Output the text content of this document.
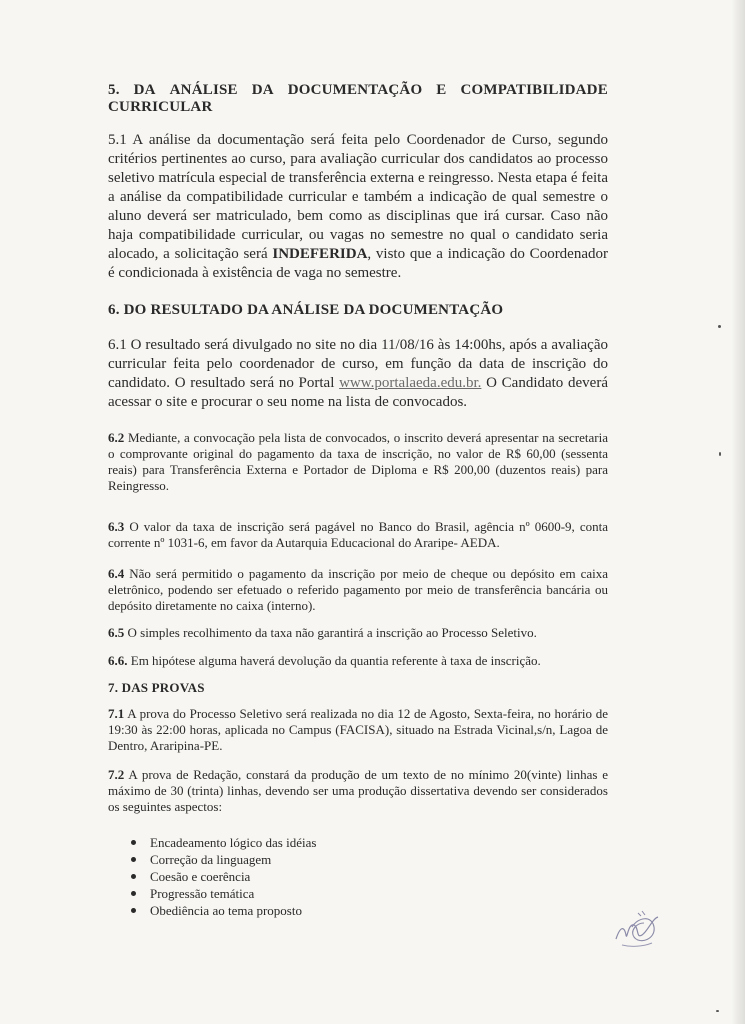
5. DA ANÁLISE DA DOCUMENTAÇÃO E COMPATIBILIDADE
CURRICULAR

5.1 A análise da documentação será feita pelo Coordenador de Curso, segundo critérios pertinentes ao curso, para avaliação curricular dos candidatos ao processo seletivo matrícula especial de transferência externa e reingresso. Nesta etapa é feita a análise da compatibilidade curricular e também a indicação de qual semestre o aluno deverá ser matriculado, bem como as disciplinas que irá cursar. Caso não haja compatibilidade curricular, ou vagas no semestre no qual o candidato seria alocado, a solicitação será INDEFERIDA, visto que a indicação do Coordenador é condicionada à existência de vaga no semestre.

6. DO RESULTADO DA ANÁLISE DA DOCUMENTAÇÃO

6.1 O resultado será divulgado no site no dia 11/08/16 às 14:00hs, após a avaliação curricular feita pelo coordenador de curso, em função da data de inscrição do candidato. O resultado será no Portal www.portalaeda.edu.br. O Candidato deverá acessar o site e procurar o seu nome na lista de convocados.

6.2 Mediante, a convocação pela lista de convocados, o inscrito deverá apresentar na secretaria o comprovante original do pagamento da taxa de inscrição, no valor de R$ 60,00 (sessenta reais) para Transferência Externa e Portador de Diploma e R$ 200,00 (duzentos reais) para Reingresso.

6.3 O valor da taxa de inscrição será pagável no Banco do Brasil, agência nº 0600-9, conta corrente nº 1031-6, em favor da Autarquia Educacional do Araripe- AEDA.

6.4 Não será permitido o pagamento da inscrição por meio de cheque ou depósito em caixa eletrônico, podendo ser efetuado o referido pagamento por meio de transferência bancária ou depósito diretamente no caixa (interno).

6.5 O simples recolhimento da taxa não garantirá a inscrição ao Processo Seletivo.

6.6. Em hipótese alguma haverá devolução da quantia referente à taxa de inscrição.

7. DAS PROVAS

7.1 A prova do Processo Seletivo será realizada no dia 12 de Agosto, Sexta-feira, no horário de 19:30 às 22:00 horas, aplicada no Campus (FACISA), situado na Estrada Vicinal,s/n, Lagoa de Dentro, Araripina-PE.

7.2 A prova de Redação, constará da produção de um texto de no mínimo 20(vinte) linhas e máximo de 30 (trinta) linhas, devendo ser uma produção dissertativa devendo ser considerados os seguintes aspectos:

Encadeamento lógico das idéias
Correção da linguagem
Coesão e coerência
Progressão temática
Obediência ao tema proposto
